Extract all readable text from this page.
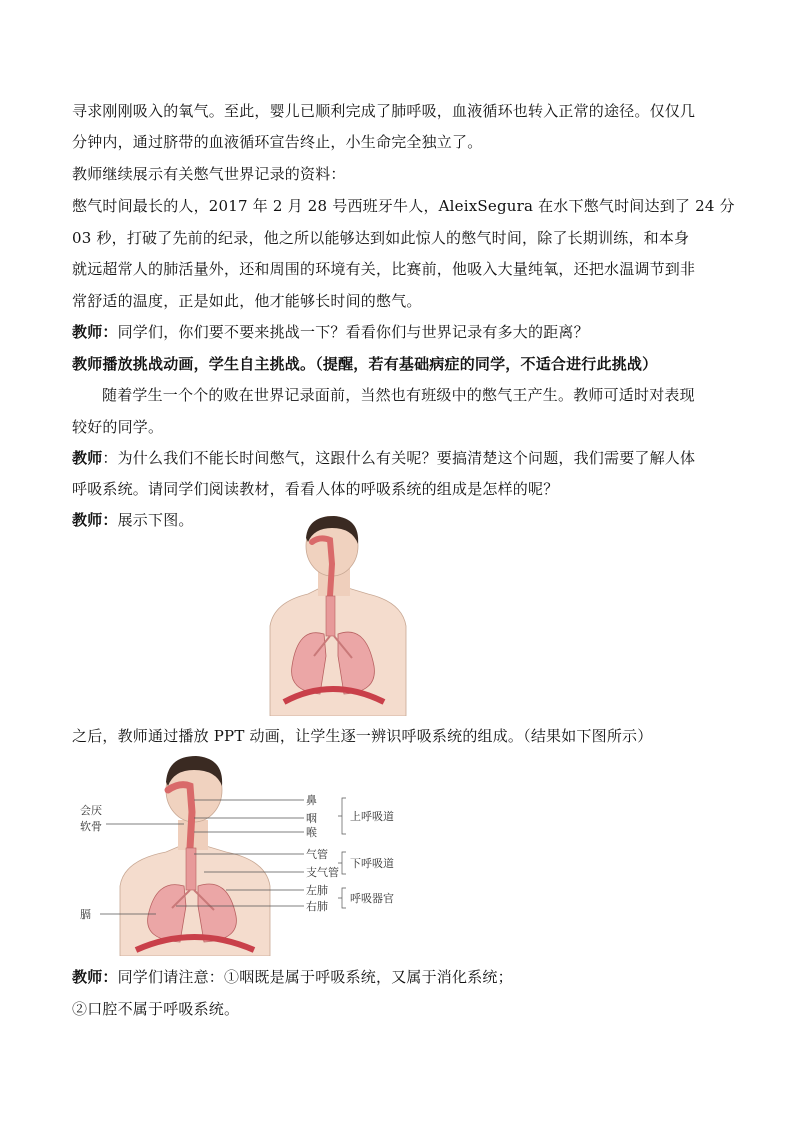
寻求刚刚吸入的氧气。至此，婴儿已顺利完成了肺呼吸，血液循环也转入正常的途径。仅仅几
分钟内，通过脐带的血液循环宣告终止，小生命完全独立了。
教师继续展示有关憋气世界记录的资料：
憋气时间最长的人，2017 年 2 月 28 号西班牙牛人，AleixSegura 在水下憋气时间达到了 24 分
03 秒，打破了先前的纪录，他之所以能够达到如此惊人的憋气时间，除了长期训练，和本身
就远超常人的肺活量外，还和周围的环境有关，比赛前，他吸入大量纯氧，还把水温调节到非
常舒适的温度，正是如此，他才能够长时间的憋气。
教师：同学们，你们要不要来挑战一下？看看你们与世界记录有多大的距离？
教师播放挑战动画，学生自主挑战。（提醒，若有基础病症的同学，不适合进行此挑战）
随着学生一个个的败在世界记录面前，当然也有班级中的憋气王产生。教师可适时对表现
较好的同学。
教师：为什么我们不能长时间憋气，这跟什么有关呢？要搞清楚这个问题，我们需要了解人体
呼吸系统。请同学们阅读教材，看看人体的呼吸系统的组成是怎样的呢？
教师：展示下图。
之后，教师通过播放 PPT 动画，让学生逐一辨识呼吸系统的组成。（结果如下图所示）
鼻
咽
喉
气管
支气管
左肺
右肺
上呼吸道
下呼吸道
呼吸器官
会厌
软骨
膈
教师：同学们请注意：①咽既是属于呼吸系统，又属于消化系统；
②口腔不属于呼吸系统。
